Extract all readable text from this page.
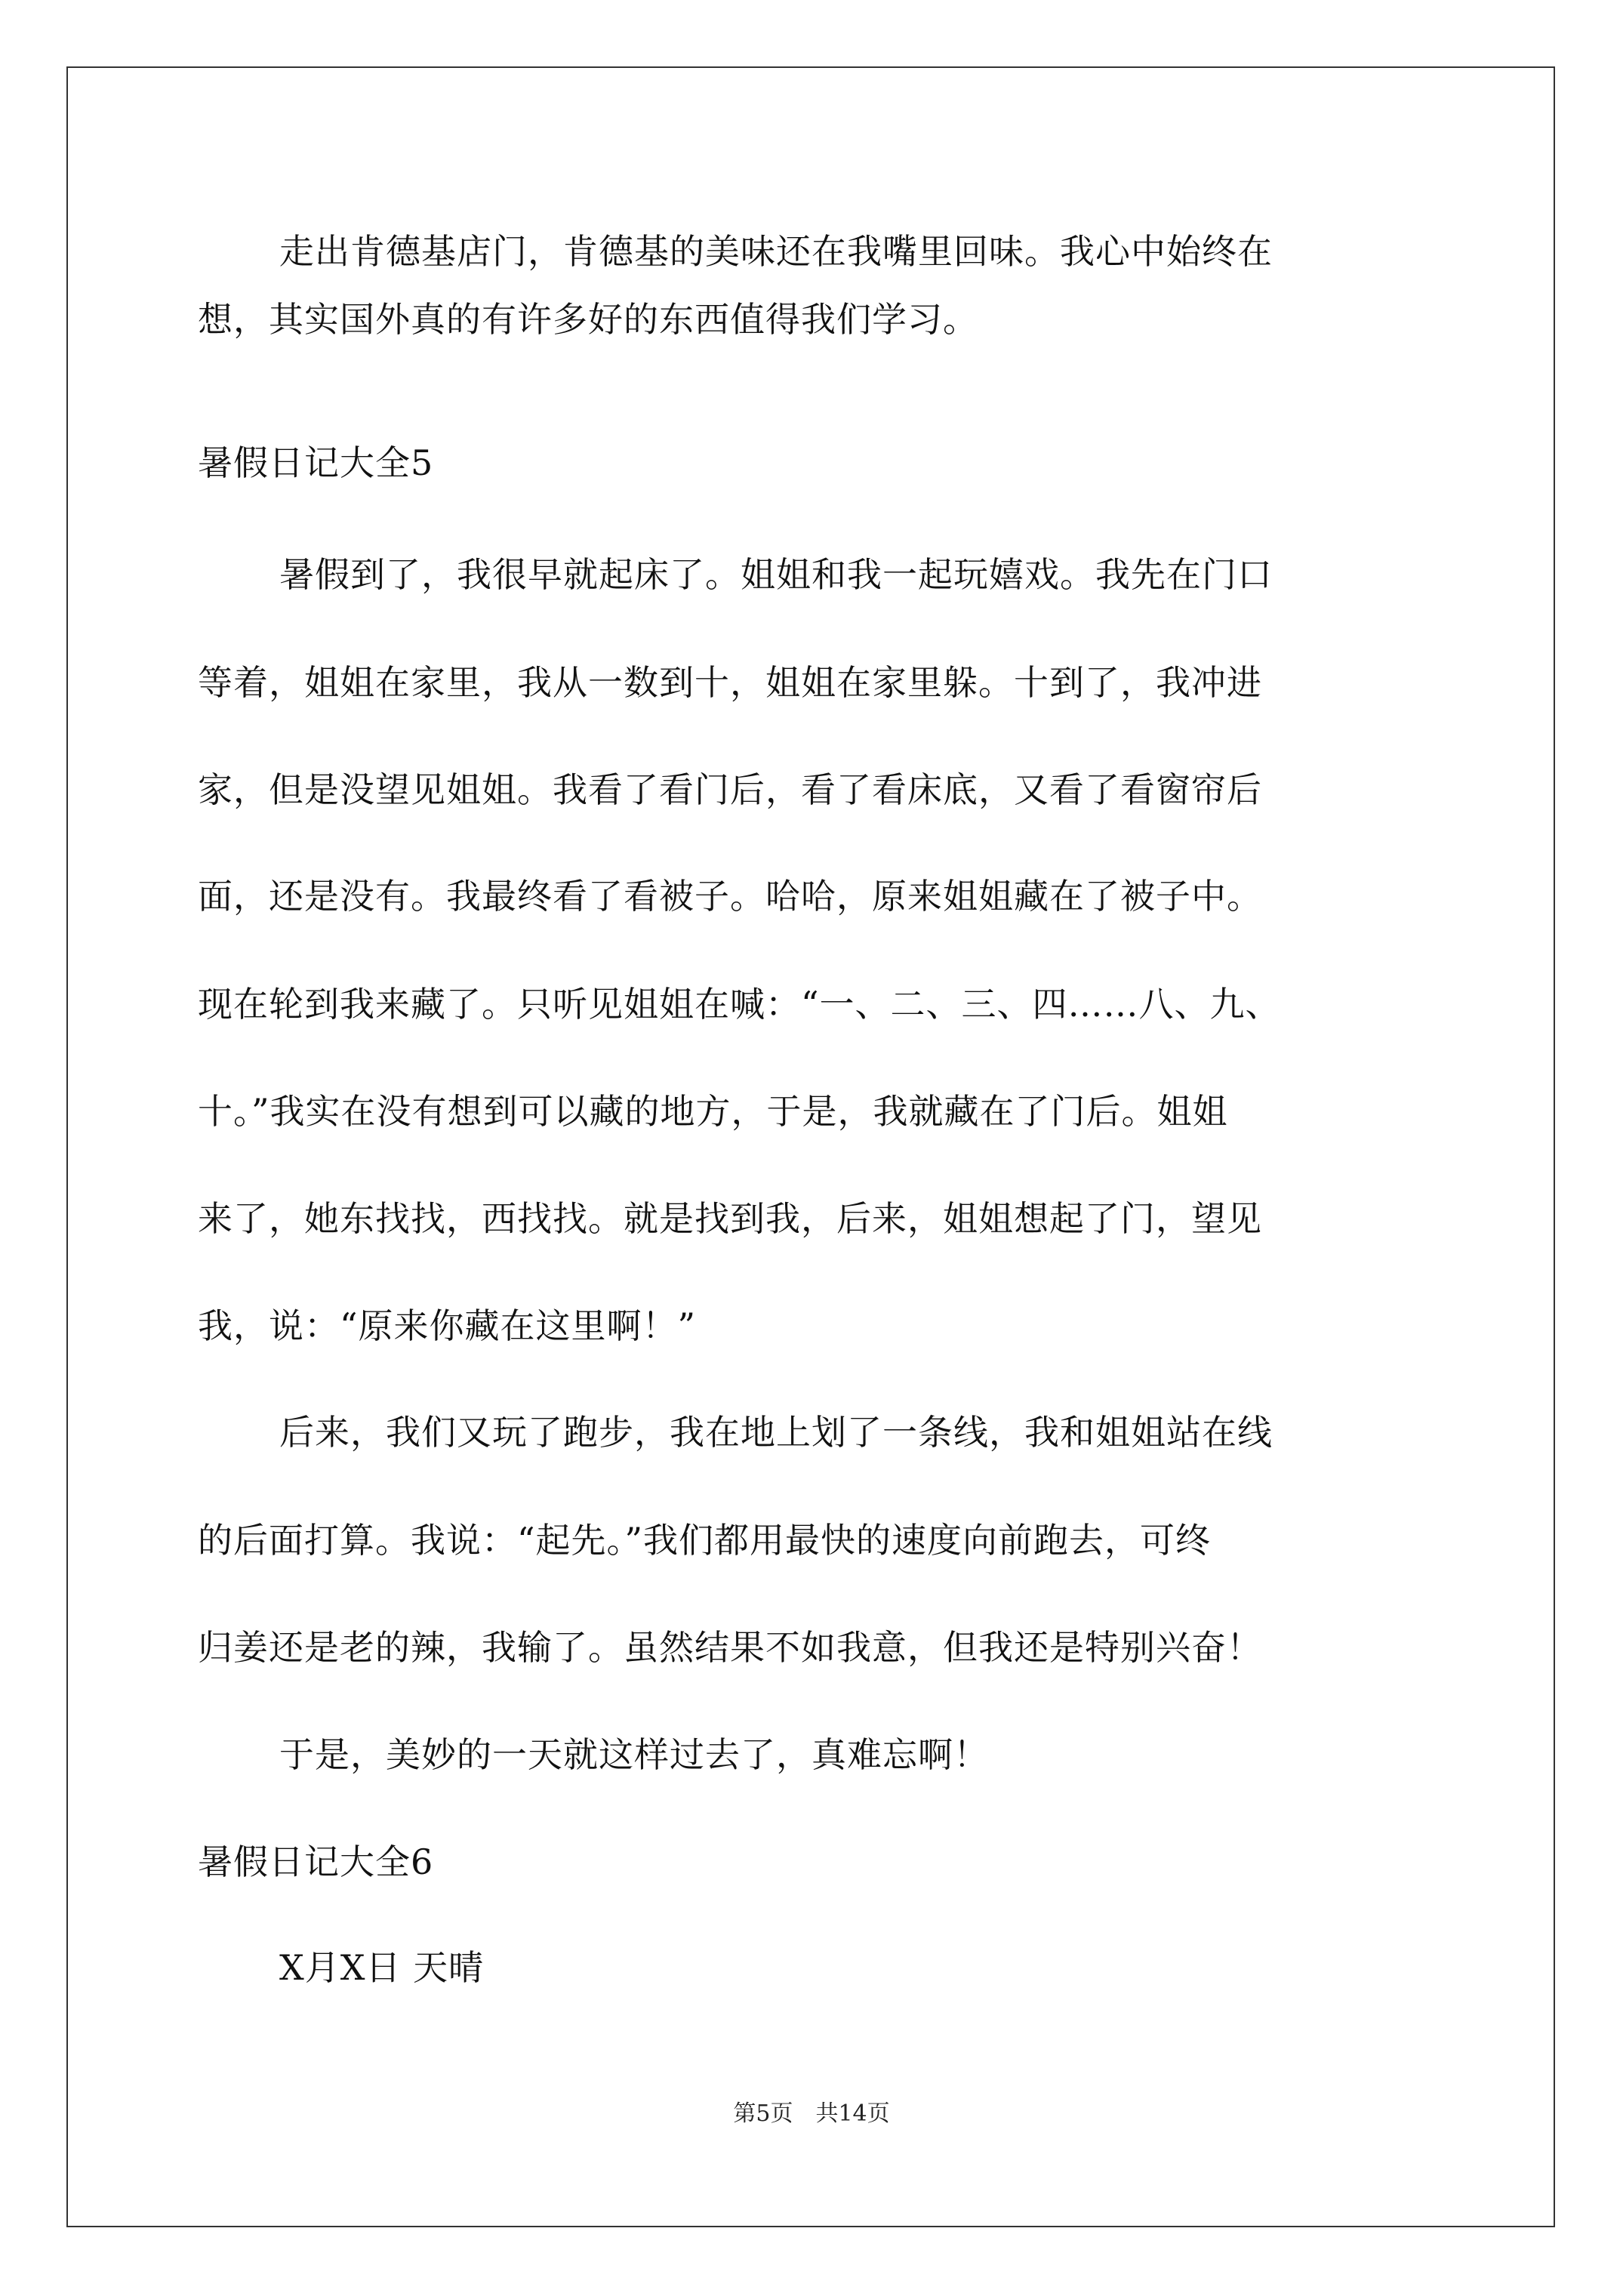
走出肯德基店门，肯德基的美味还在我嘴里回味。我心中始终在
想，其实国外真的有许多好的东西值得我们学习。
暑假日记大全5
暑假到了，我很早就起床了。姐姐和我一起玩嬉戏。我先在门口
等着，姐姐在家里，我从一数到十，姐姐在家里躲。十到了，我冲进
家，但是没望见姐姐。我看了看门后，看了看床底，又看了看窗帘后
面，还是没有。我最终看了看被子。哈哈，原来姐姐藏在了被子中。
现在轮到我来藏了。只听见姐姐在喊：“一、二、三、四……八、九、
十。”我实在没有想到可以藏的地方，于是，我就藏在了门后。姐姐
来了，她东找找，西找找。就是找到我，后来，姐姐想起了门，望见
我，说：“原来你藏在这里啊！”
后来，我们又玩了跑步，我在地上划了一条线，我和姐姐站在线
的后面打算。我说：“起先。”我们都用最快的速度向前跑去，可终
归姜还是老的辣，我输了。虽然结果不如我意，但我还是特别兴奋！
于是，美妙的一天就这样过去了，真难忘啊！
暑假日记大全6
X月X日 天晴
第5页　共14页
